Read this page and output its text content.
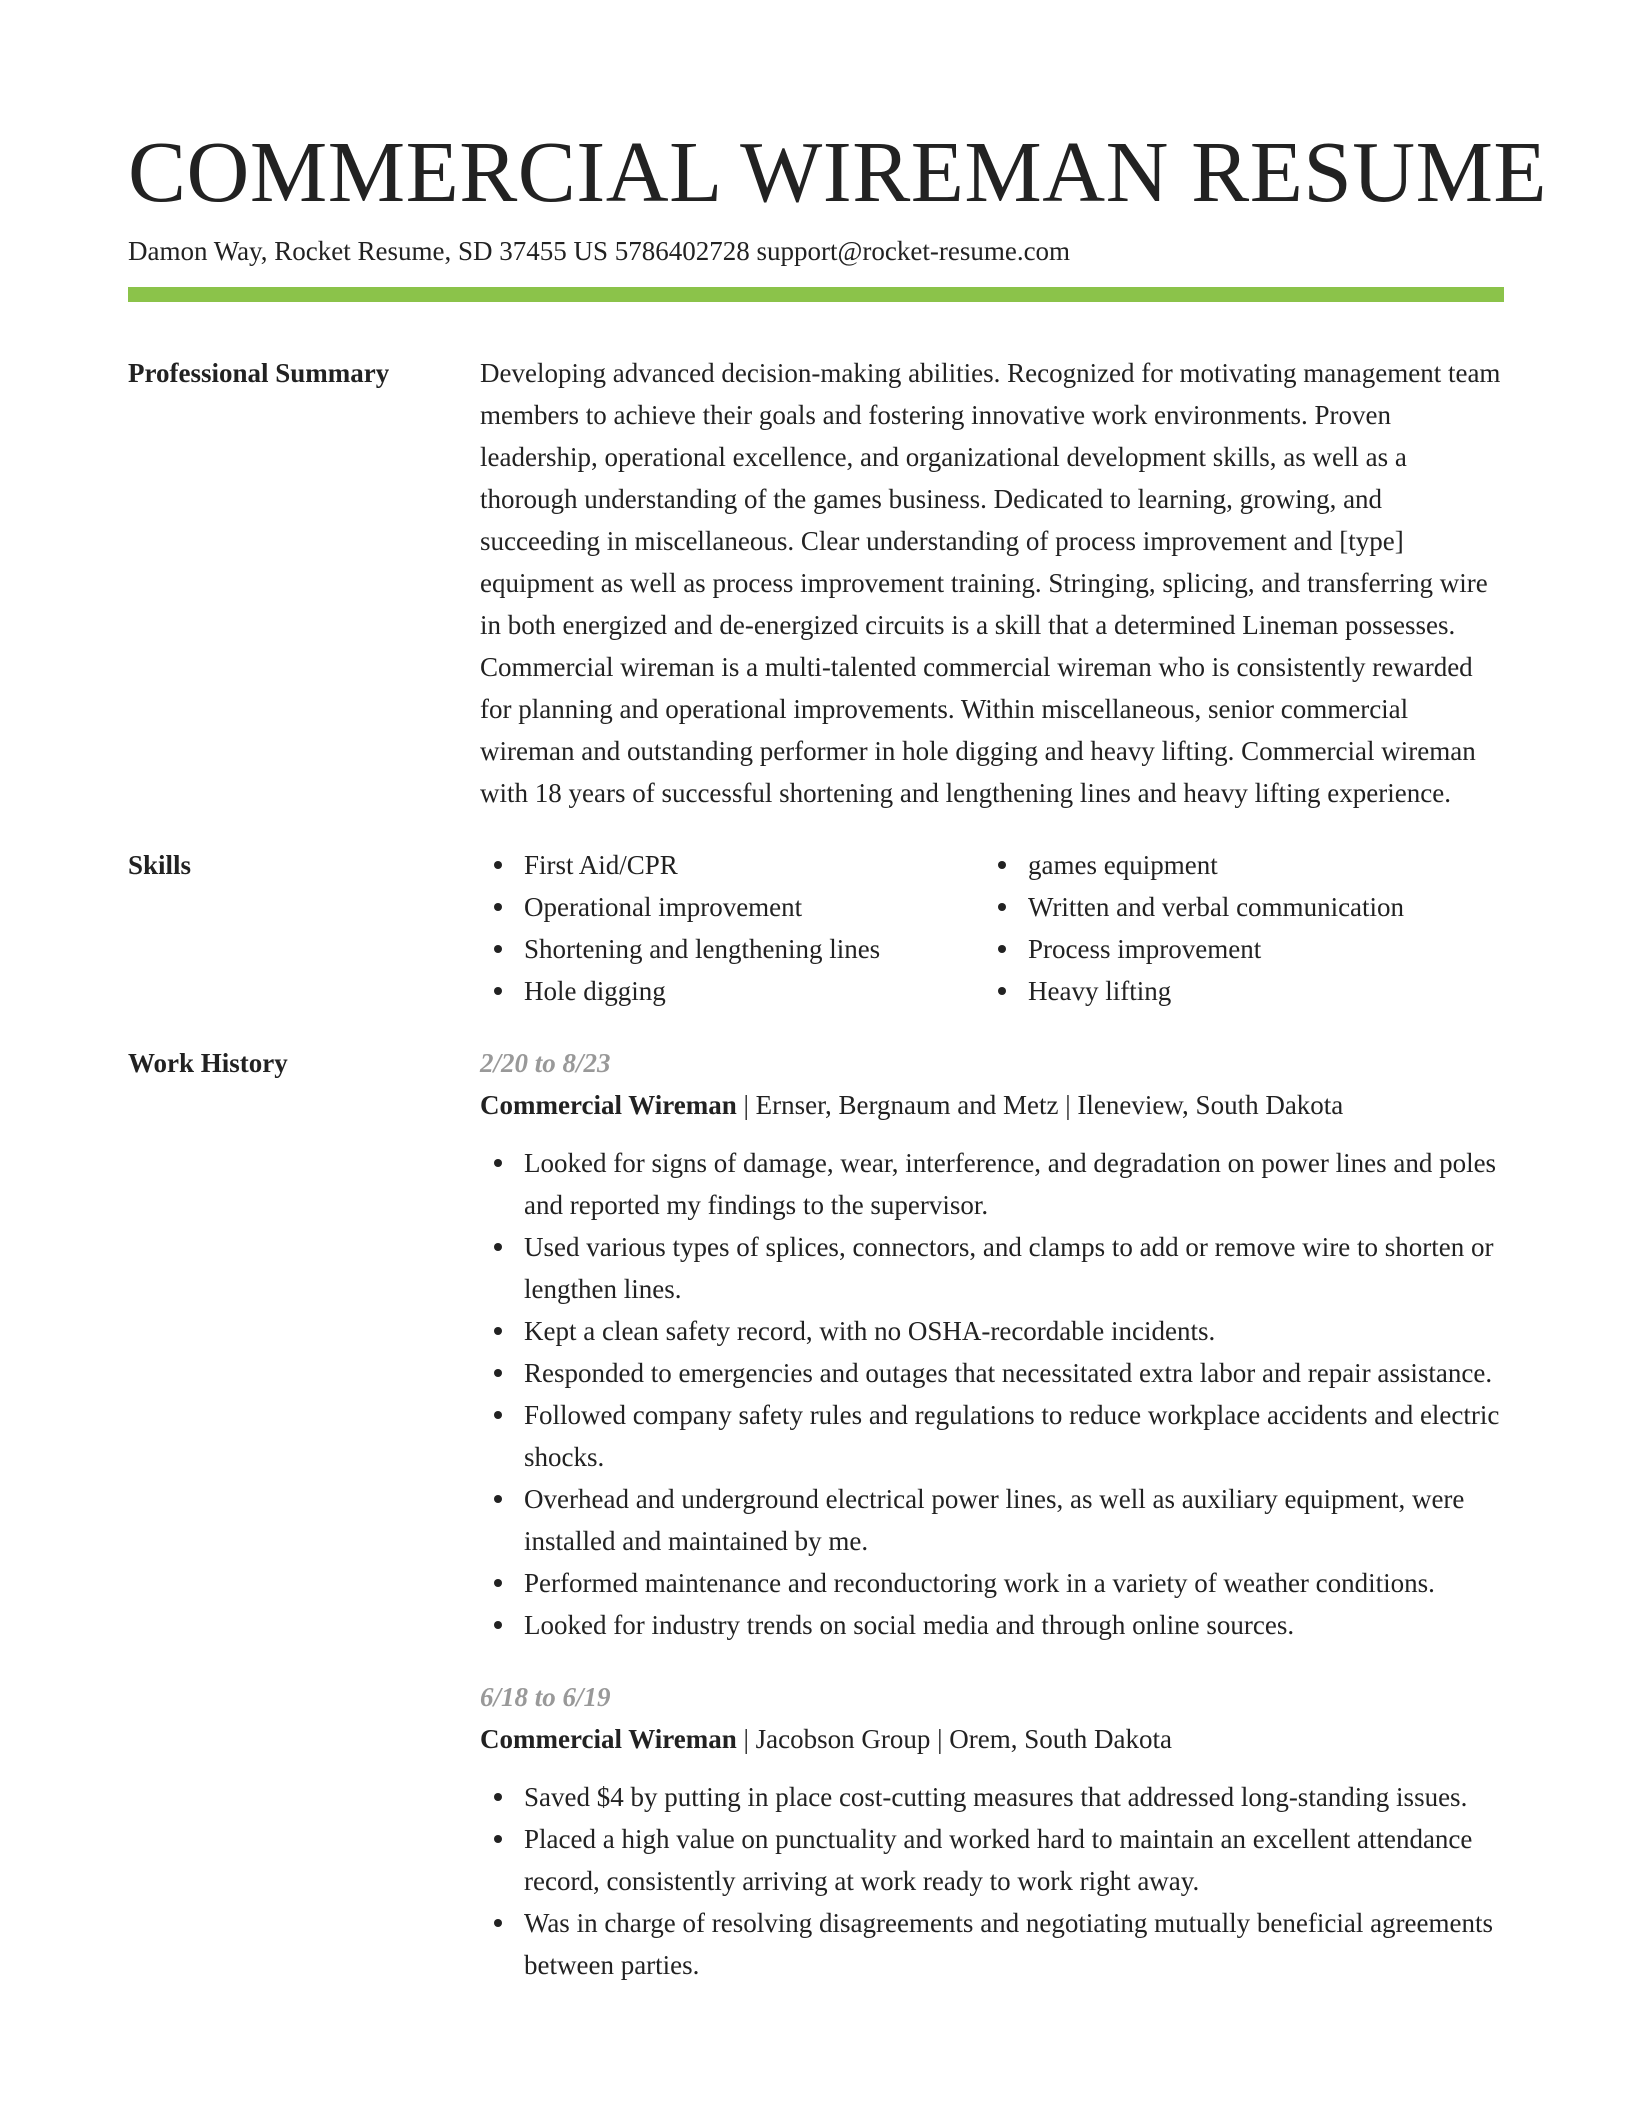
COMMERCIAL WIREMAN RESUME
Damon Way, Rocket Resume, SD 37455 US 5786402728 support@rocket-resume.com
Professional Summary	Developing advanced decision-making abilities. Recognized for motivating management team members to achieve their goals and fostering innovative work environments. Proven leadership, operational excellence, and organizational development skills, as well as a thorough understanding of the games business. Dedicated to learning, growing, and succeeding in miscellaneous. Clear understanding of process improvement and [type] equipment as well as process improvement training. Stringing, splicing, and transferring wire in both energized and de-energized circuits is a skill that a determined Lineman possesses. Commercial wireman is a multi-talented commercial wireman who is consistently rewarded for planning and operational improvements. Within miscellaneous, senior commercial wireman and outstanding performer in hole digging and heavy lifting. Commercial wireman with 18 years of successful shortening and lengthening lines and heavy lifting experience.
Skills	First Aid/CPR
Operational improvement
Shortening and lengthening lines
Hole digging
games equipment
Written and verbal communication
Process improvement
Heavy lifting
Work History	2/20 to 8/23
Commercial Wireman | Ernser, Bergnaum and Metz | Ileneview, South Dakota
Looked for signs of damage, wear, interference, and degradation on power lines and poles and reported my findings to the supervisor.
Used various types of splices, connectors, and clamps to add or remove wire to shorten or lengthen lines.
Kept a clean safety record, with no OSHA-recordable incidents.
Responded to emergencies and outages that necessitated extra labor and repair assistance.
Followed company safety rules and regulations to reduce workplace accidents and electric shocks.
Overhead and underground electrical power lines, as well as auxiliary equipment, were installed and maintained by me.
Performed maintenance and reconductoring work in a variety of weather conditions.
Looked for industry trends on social media and through online sources.
6/18 to 6/19
Commercial Wireman | Jacobson Group | Orem, South Dakota
Saved $4 by putting in place cost-cutting measures that addressed long-standing issues.
Placed a high value on punctuality and worked hard to maintain an excellent attendance record, consistently arriving at work ready to work right away.
Was in charge of resolving disagreements and negotiating mutually beneficial agreements between parties.
